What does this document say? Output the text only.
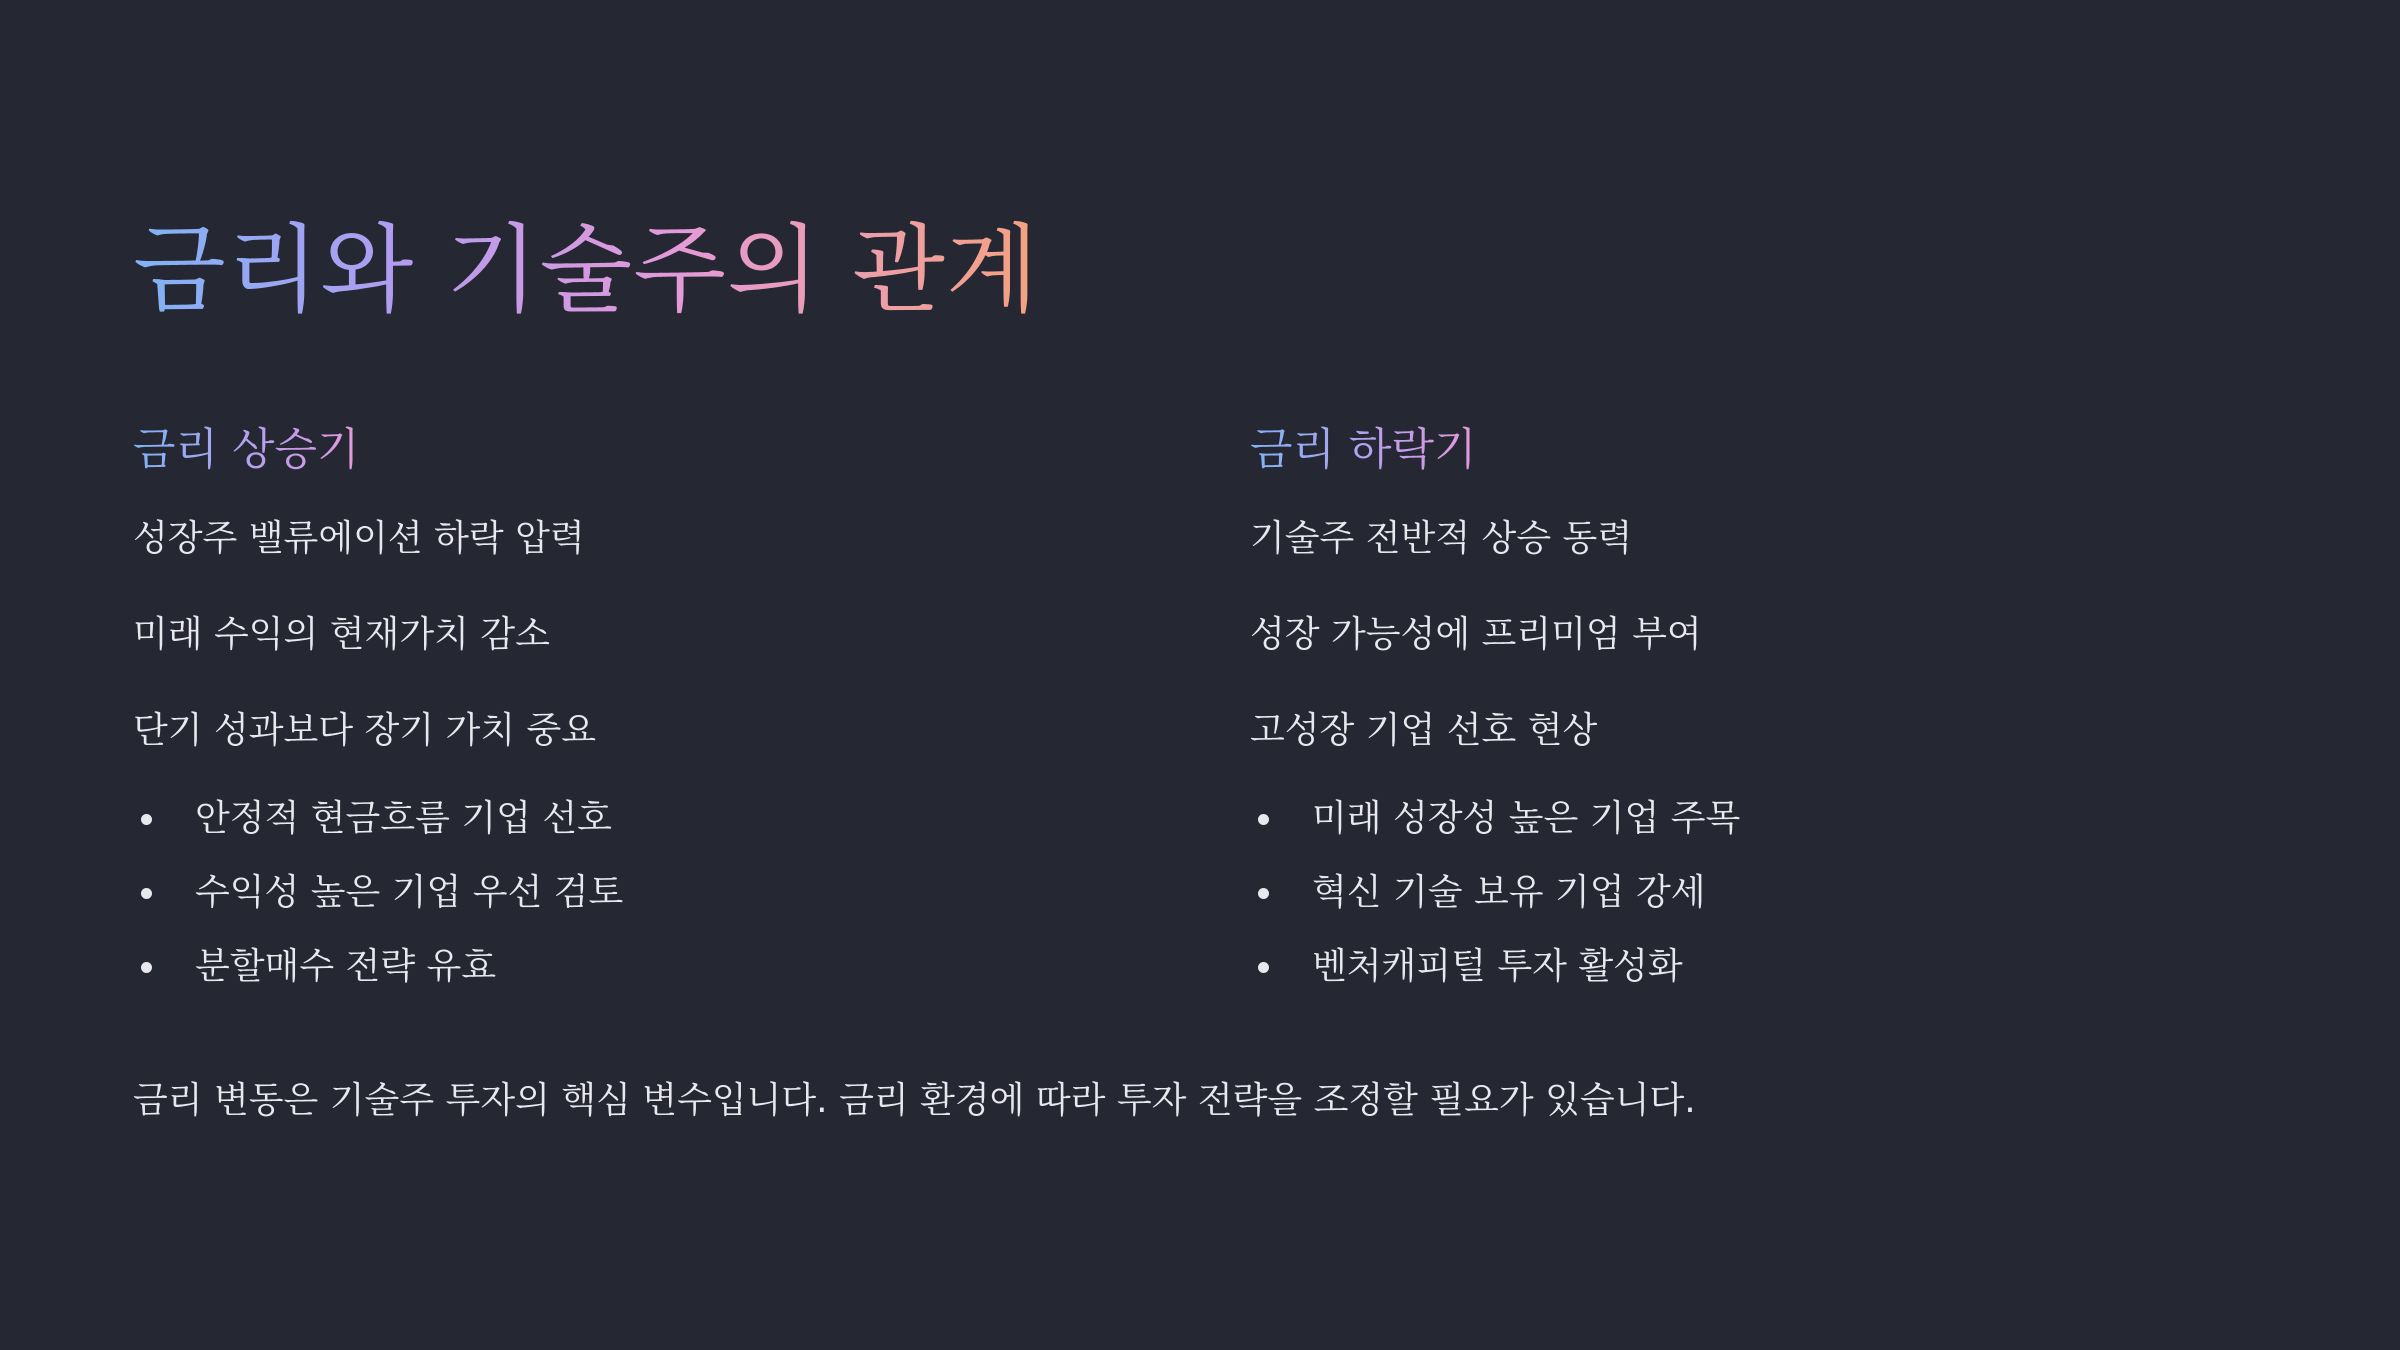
금리와 기술주의 관계
금리 상승기
성장주 밸류에이션 하락 압력
미래 수익의 현재가치 감소
단기 성과보다 장기 가치 중요
안정적 현금흐름 기업 선호
수익성 높은 기업 우선 검토
분할매수 전략 유효
금리 하락기
기술주 전반적 상승 동력
성장 가능성에 프리미엄 부여
고성장 기업 선호 현상
미래 성장성 높은 기업 주목
혁신 기술 보유 기업 강세
벤처캐피털 투자 활성화

금리 변동은 기술주 투자의 핵심 변수입니다. 금리 환경에 따라 투자 전략을 조정할 필요가 있습니다.
